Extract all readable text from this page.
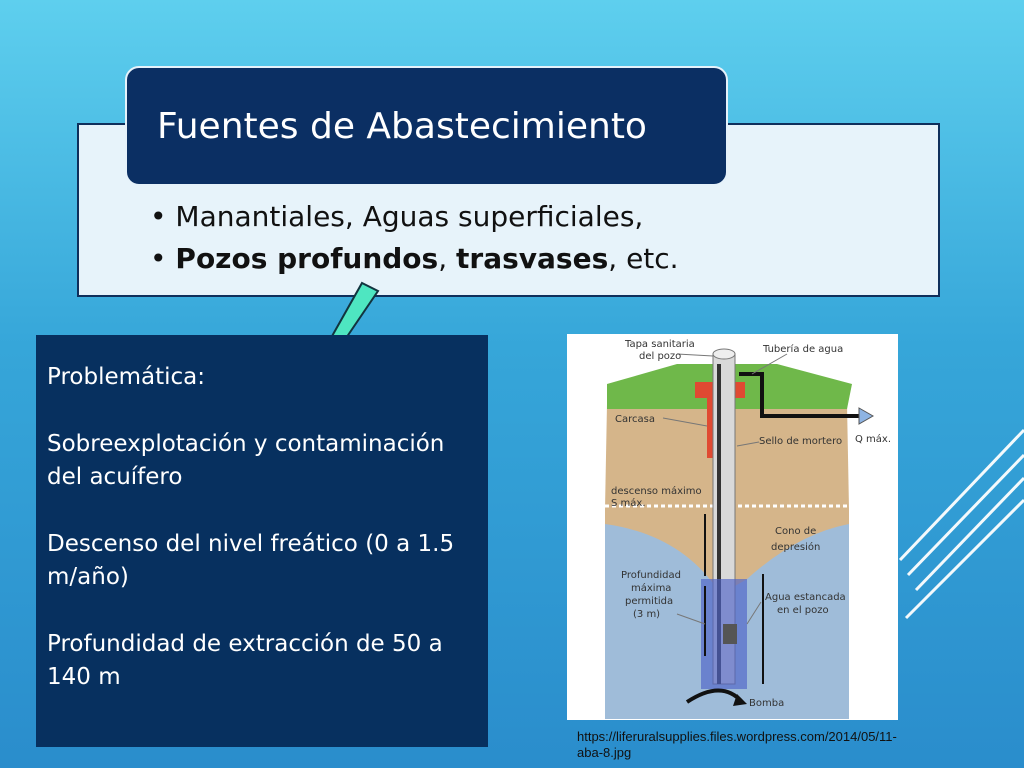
Fuentes de Abastecimiento
• Manantiales, Aguas superficiales,
• Pozos profundos, trasvases, etc.

Problemática:

Sobreexplotación y contaminación del acuífero

Descenso del nivel freático (0 a 1.5 m/año)

Profundidad de extracción de 50 a 140 m

Tapa sanitaria
del pozo
Tubería de agua
Carcasa
Sello de mortero Q máx.
descenso máximo
S máx.
Cono de
depresión
Profundidad
máxima
permitida
(3 m)
Agua estancada
en el pozo
Bomba
https://liferuralsupplies.files.wordpress.com/2014/05/11-
aba-8.jpg
